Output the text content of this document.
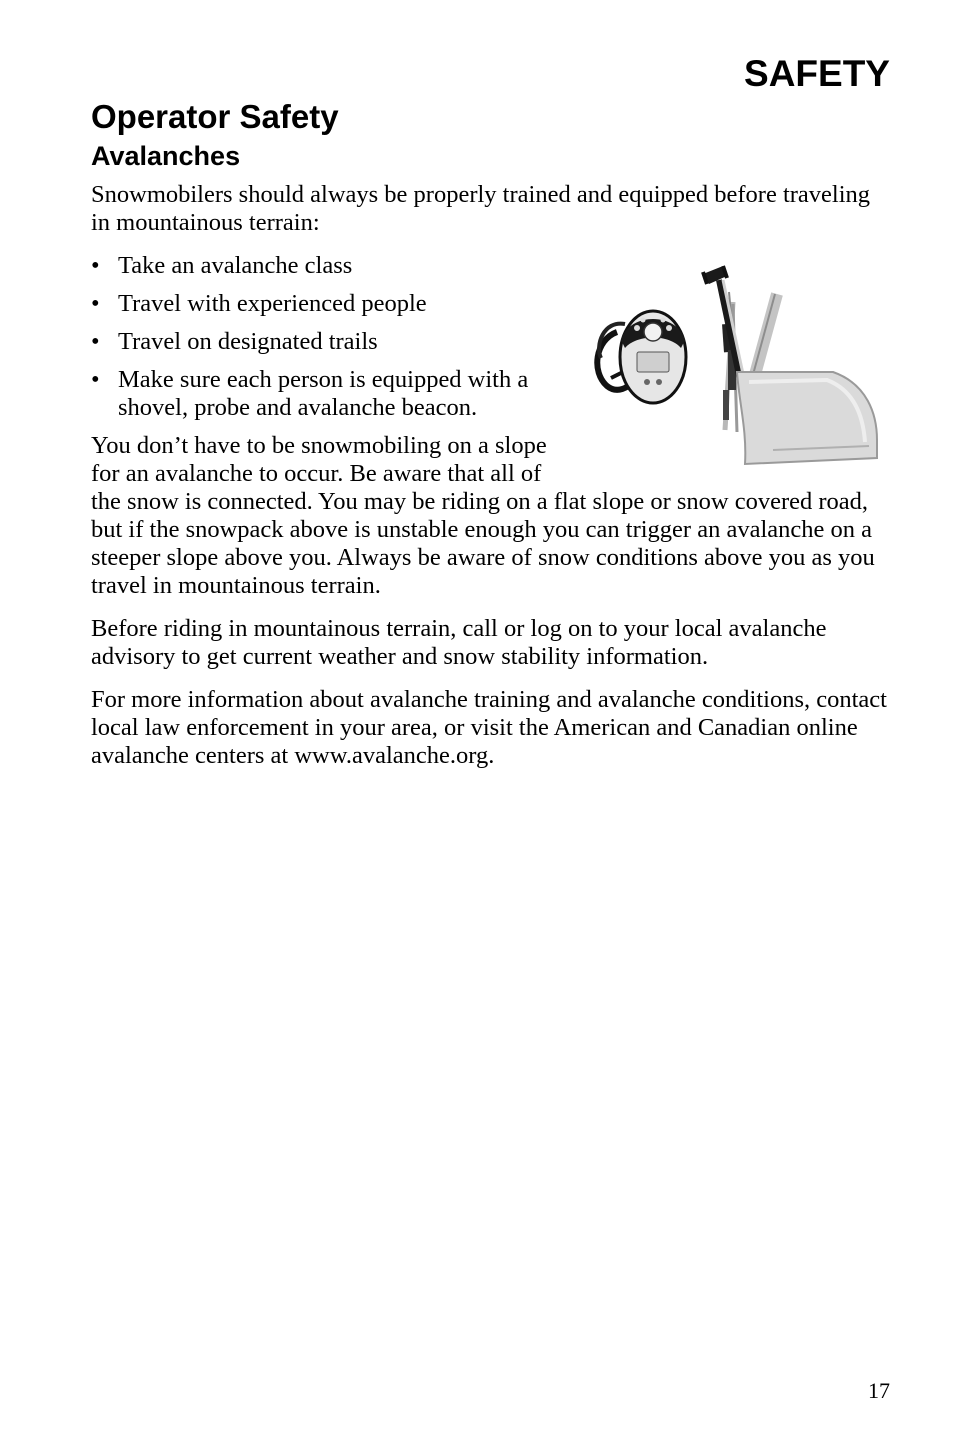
SAFETY
Operator Safety
Avalanches

Snowmobilers should always be properly trained and equipped before traveling in mountainous terrain:

• Take an avalanche class
• Travel with experienced people
• Travel on designated trails
• Make sure each person is equipped with a shovel, probe and avalanche beacon.

You don’t have to be snowmobiling on a slope for an avalanche to occur. Be aware that all of the snow is connected. You may be riding on a flat slope or snow covered road, but if the snowpack above is unstable enough you can trigger an avalanche on a steeper slope above you. Always be aware of snow conditions above you as you travel in mountainous terrain.

Before riding in mountainous terrain, call or log on to your local avalanche advisory to get current weather and snow stability information.

For more information about avalanche training and avalanche conditions, contact local law enforcement in your area, or visit the American and Canadian online avalanche centers at www.avalanche.org.

17
